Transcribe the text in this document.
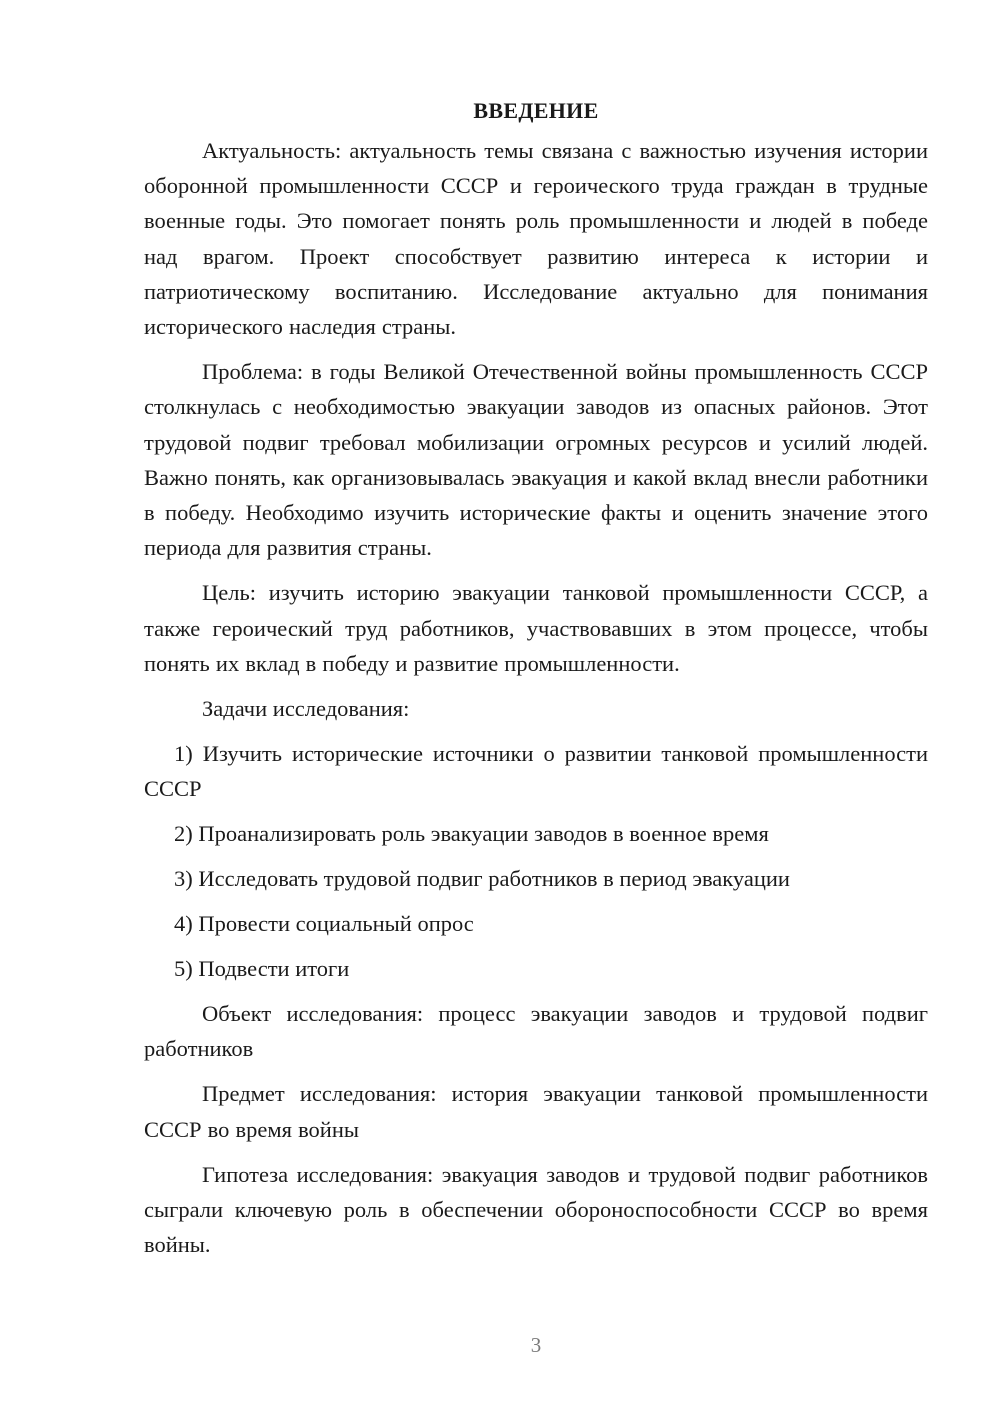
ВВЕДЕНИЕ

Актуальность: актуальность темы связана с важностью изучения истории оборонной промышленности СССР и героического труда граждан в трудные военные годы. Это помогает понять роль промышленности и людей в победе над врагом. Проект способствует развитию интереса к истории и патриотическому воспитанию. Исследование актуально для понимания исторического наследия страны.

Проблема: в годы Великой Отечественной войны промышленность СССР столкнулась с необходимостью эвакуации заводов из опасных районов. Этот трудовой подвиг требовал мобилизации огромных ресурсов и усилий людей. Важно понять, как организовывалась эвакуация и какой вклад внесли работники в победу. Необходимо изучить исторические факты и оценить значение этого периода для развития страны.

Цель: изучить историю эвакуации танковой промышленности СССР, а также героический труд работников, участвовавших в этом процессе, чтобы понять их вклад в победу и развитие промышленности.

Задачи исследования:

1) Изучить исторические источники о развитии танковой промышленности СССР

2) Проанализировать роль эвакуации заводов в военное время

3) Исследовать трудовой подвиг работников в период эвакуации

4) Провести социальный опрос

5) Подвести итоги

Объект исследования: процесс эвакуации заводов и трудовой подвиг работников

Предмет исследования: история эвакуации танковой промышленности СССР во время войны

Гипотеза исследования: эвакуация заводов и трудовой подвиг работников сыграли ключевую роль в обеспечении обороноспособности СССР во время войны.

3
